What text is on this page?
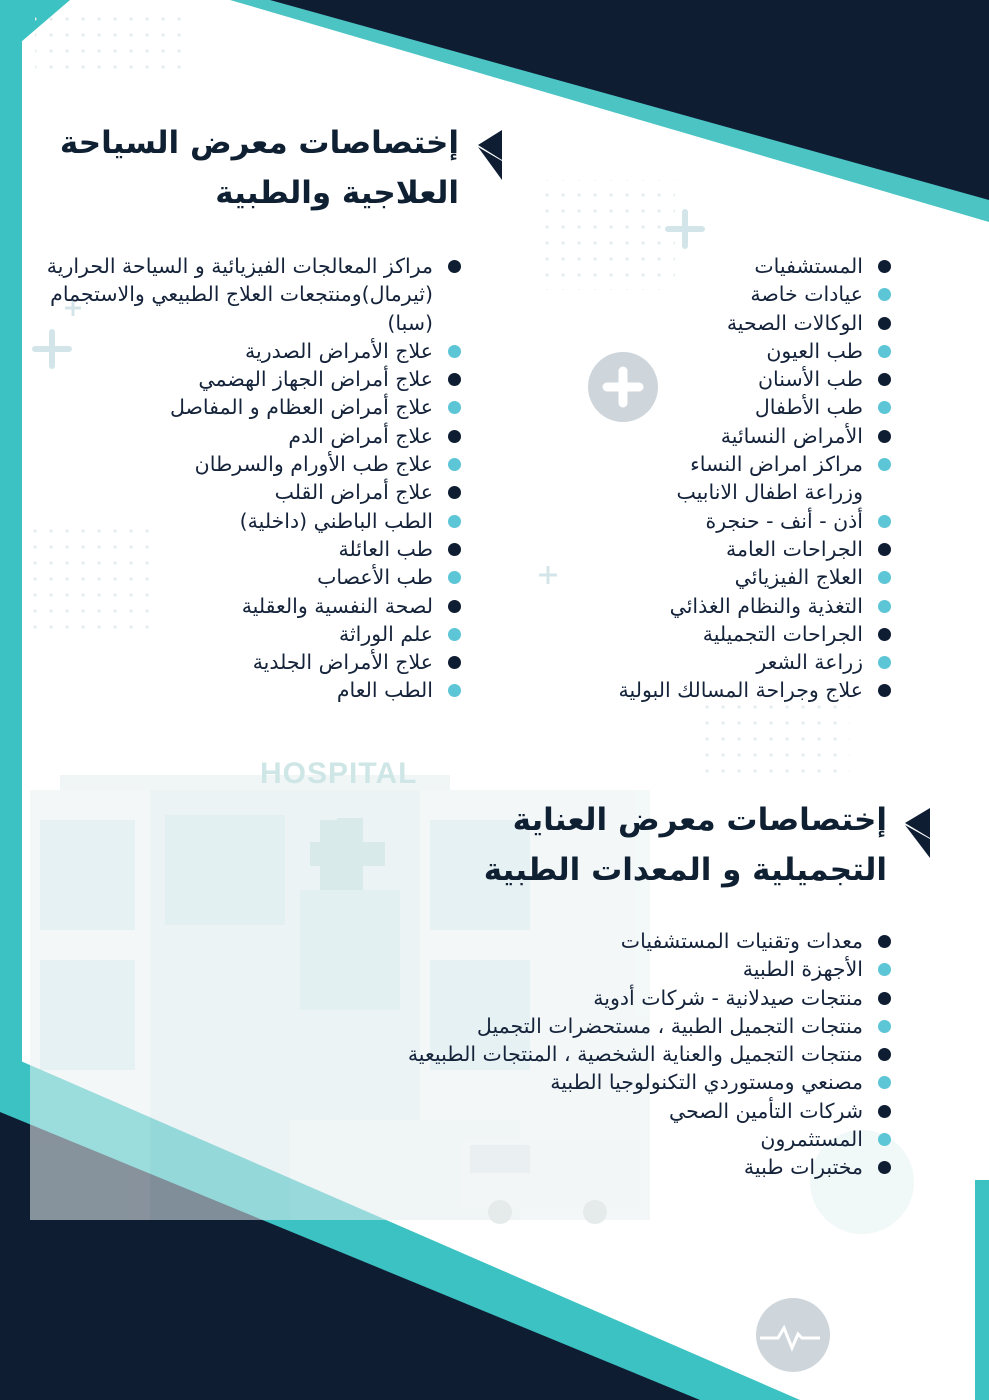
HOSPITAL
إختصاصات معرض السياحة
العلاجية والطبية
المستشفيات
عيادات خاصة
الوكالات الصحية
طب العيون
طب الأسنان
طب الأطفال
الأمراض النسائية
مراكز امراض النساء وزراعة اطفال الانابيب
أذن - أنف - حنجرة
الجراحات العامة
العلاج الفيزيائي
التغذية والنظام الغذائي
الجراحات التجميلية
زراعة الشعر
علاج وجراحة المسالك البولية
مراكز المعالجات الفيزيائية و السياحة الحرارية (ثيرمال)ومنتجعات العلاج الطبيعي والاستجمام (سبا)
علاج الأمراض الصدرية
علاج أمراض الجهاز الهضمي
علاج أمراض العظام و المفاصل
علاج أمراض الدم
علاج طب الأورام والسرطان
علاج أمراض القلب
الطب الباطني (داخلية)
طب العائلة
طب الأعصاب
لصحة النفسية والعقلية
علم الوراثة
علاج الأمراض الجلدية
الطب العام
إختصاصات معرض العناية
التجميلية و المعدات الطبية
معدات وتقنيات المستشفيات
الأجهزة الطبية
منتجات صيدلانية - شركات أدوية
منتجات التجميل الطبية ، مستحضرات التجميل
منتجات التجميل والعناية الشخصية ، المنتجات الطبيعية
مصنعي ومستوردي التكنولوجيا الطبية
شركات التأمين الصحي
المستثمرون
مختبرات طبية
